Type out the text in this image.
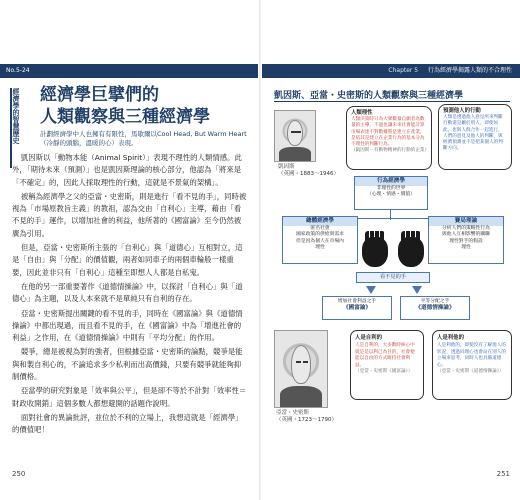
No.5-24
經濟學的智慧歷史 經濟學巨擘們的
人類觀察與三種經濟學
計劃經濟學中人也擁有有限性，馬歇爾以Cool Head, But Warm Heart（冷靜的頭腦，溫暖的心）表現。

凱因斯以「動物本能（Animal Spirit）」表現不理性的人類情感。此外，「期待未來（預測）」也是凱因斯理論的核心部分，他認為「將來是「不確定」的，因此人採取理性的行動，這就是不景氣的架構」。

被稱為經濟學之父的亞當・史密斯，則是進行「看不見的手」，同時被視為「市場原教旨主義」的教祖，認為交由「自利心」主導，藉由「看不見的手」運作，以增加社會的利益，他所著的《國富論》至今仍然被廣為引用。

但是，亞當・史密斯所主張的「自利心」與「道德心」互相對立，這是「自由」與「分配」的價值觀，兩者如同車子的兩個車輪般一樣重要，因此並非只有「自利心」這種至即想人人都是自私鬼。

在他的另一部重要著作《道德情操論》中，以探討「自利心」與「道德心」為主題，以及人本來就不是單純只有自利的存在。

亞當・史密斯提出關鍵的看不見的手，同時在《國富論》與《道德情操論》中都出現過，而且看不見的手，在《國富論》中為「增進社會的利益」之作用，在《道德情操論》中則有「平均分配」的作用。

競爭，總是被視為對的強者，但根據亞當・史密斯的論點，競爭是能與和製自利心的，不論追求多少私利而出高價錢，只要有競爭就能夠抑制價格。

亞當學的研究對象是「效率與公平」，但是卻不等於不計對「效率性＝財政收開銷」這個多數人都想避開的話題作說明。

面對社會的異論批評，並位於不利的立場上，我想這就是「經濟學」的價值吧！

250
Chapter 5 　 行為經濟學揭露人類的不合理性
凱因斯、亞當・史密斯的人類觀察與三種經濟學
凱因斯
（英國・1883～1946）
人類理性
人類決策時只為大眾數量自願者為數量的主導，不過也讓未來社會能計算市場表達不對數據將是建立在產業，是依其是建立在企業行為的基本分為不理性的判斷行為。
（凱因斯－有動物精神的行動的企業）
預測他人的行動
人類是透過他人意見所來判斷行動還是屬於別人，即使如此，也與人群合作一起進行，人們的意見及他人的判斷，與經濟預測並不是把某個人的判斷方向。
行為經濟學
非理性的世界
（心理・情感・價值）
總體經濟學
匿名社會
國家政策的供給與需求
但是因為個人在市場內
理性
賽局理論
分析人們的策略性行為
與他人互相影響的關聯
理性對手的假設
理性
看不見的手
增加社會利益之手
《國富論》
平等分配之手
《道德情操論》
人是自利的
人是自利的，大多數時候心中就是是以利己為目的，社會便能以自由的方式維持社會利益。
（亞當・史密斯《國富論》）
人是利他的
人是利他的，即使沒有了解他人的狀況，透過同理心也會站在別人的立場來思考，同時人也具備道德心。
（亞當・史密斯《道德情操論》）
亞當・史密斯
（英國・1723～1790）
251
